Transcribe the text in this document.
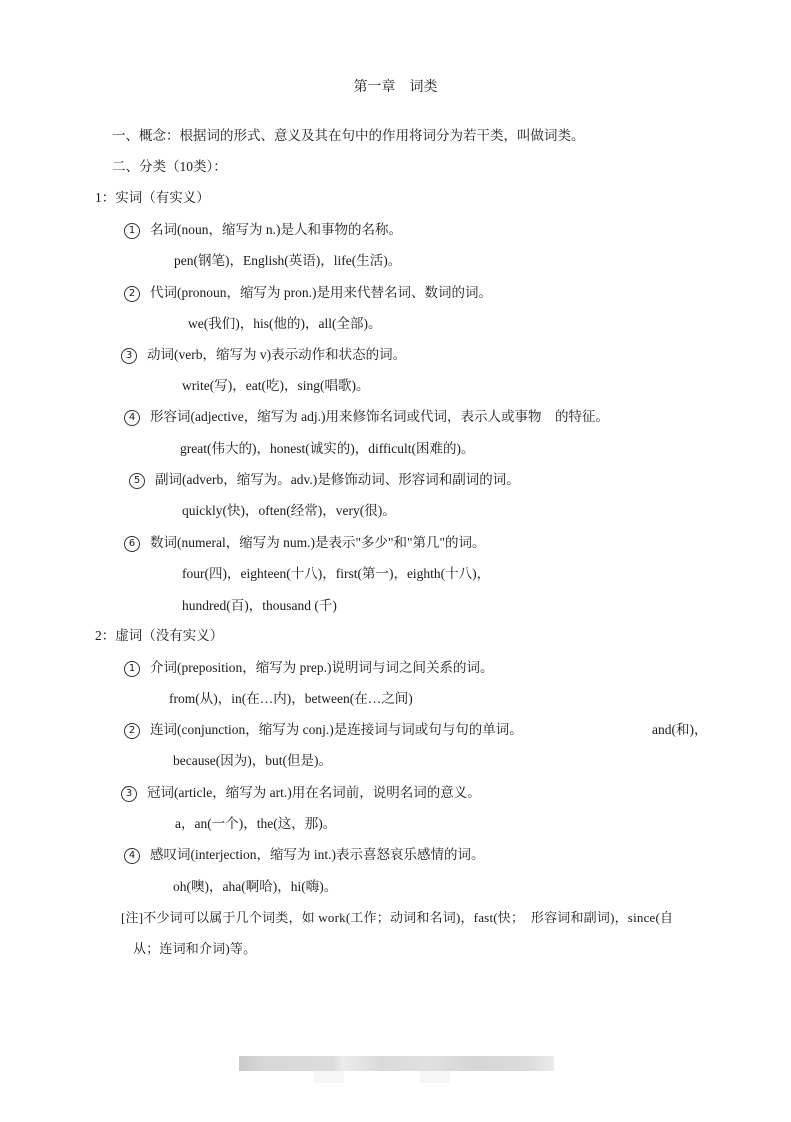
第一章　词类
一、概念：根据词的形式、意义及其在句中的作用将词分为若干类，叫做词类。
二、分类（10类）：
1：实词（有实义）
1 名词(noun，缩写为 n.)是人和事物的名称。
pen(钢笔)，English(英语)，life(生活)。
2 代词(pronoun，缩写为 pron.)是用来代替名词、数词的词。
we(我们)，his(他的)，all(全部)。
3 动词(verb，缩写为 v)表示动作和状态的词。
write(写)，eat(吃)，sing(唱歌)。
4 形容词(adjective，缩写为 adj.)用来修饰名词或代词，表示人或事物　的特征。
great(伟大的)，honest(诚实的)，difficult(困难的)。
5 副词(adverb，缩写为。adv.)是修饰动词、形容词和副词的词。
quickly(快)，often(经常)，very(很)。
6 数词(numeral，缩写为 num.)是表示"多少"和"第几"的词。
four(四)，eighteen(十八)，first(第一)，eighth(十八)，
hundred(百)，thousand (千)
2：虚词（没有实义）
1 介词(preposition，缩写为 prep.)说明词与词之间关系的词。
from(从)，in(在…内)，between(在…之间)
2 连词(conjunction，缩写为 conj.)是连接词与词或句与句的单词。	and(和)，
because(因为)，but(但是)。
3 冠词(article，缩写为 art.)用在名词前，说明名词的意义。
a，an(一个)，the(这，那)。
4 感叹词(interjection，缩写为 int.)表示喜怒哀乐感情的词。
oh(噢)，aha(啊哈)，hi(嗨)。
[注]不少词可以属于几个词类，如 work(工作；动词和名词)，fast(快；　形容词和副词)，since(自
从；连词和介词)等。
